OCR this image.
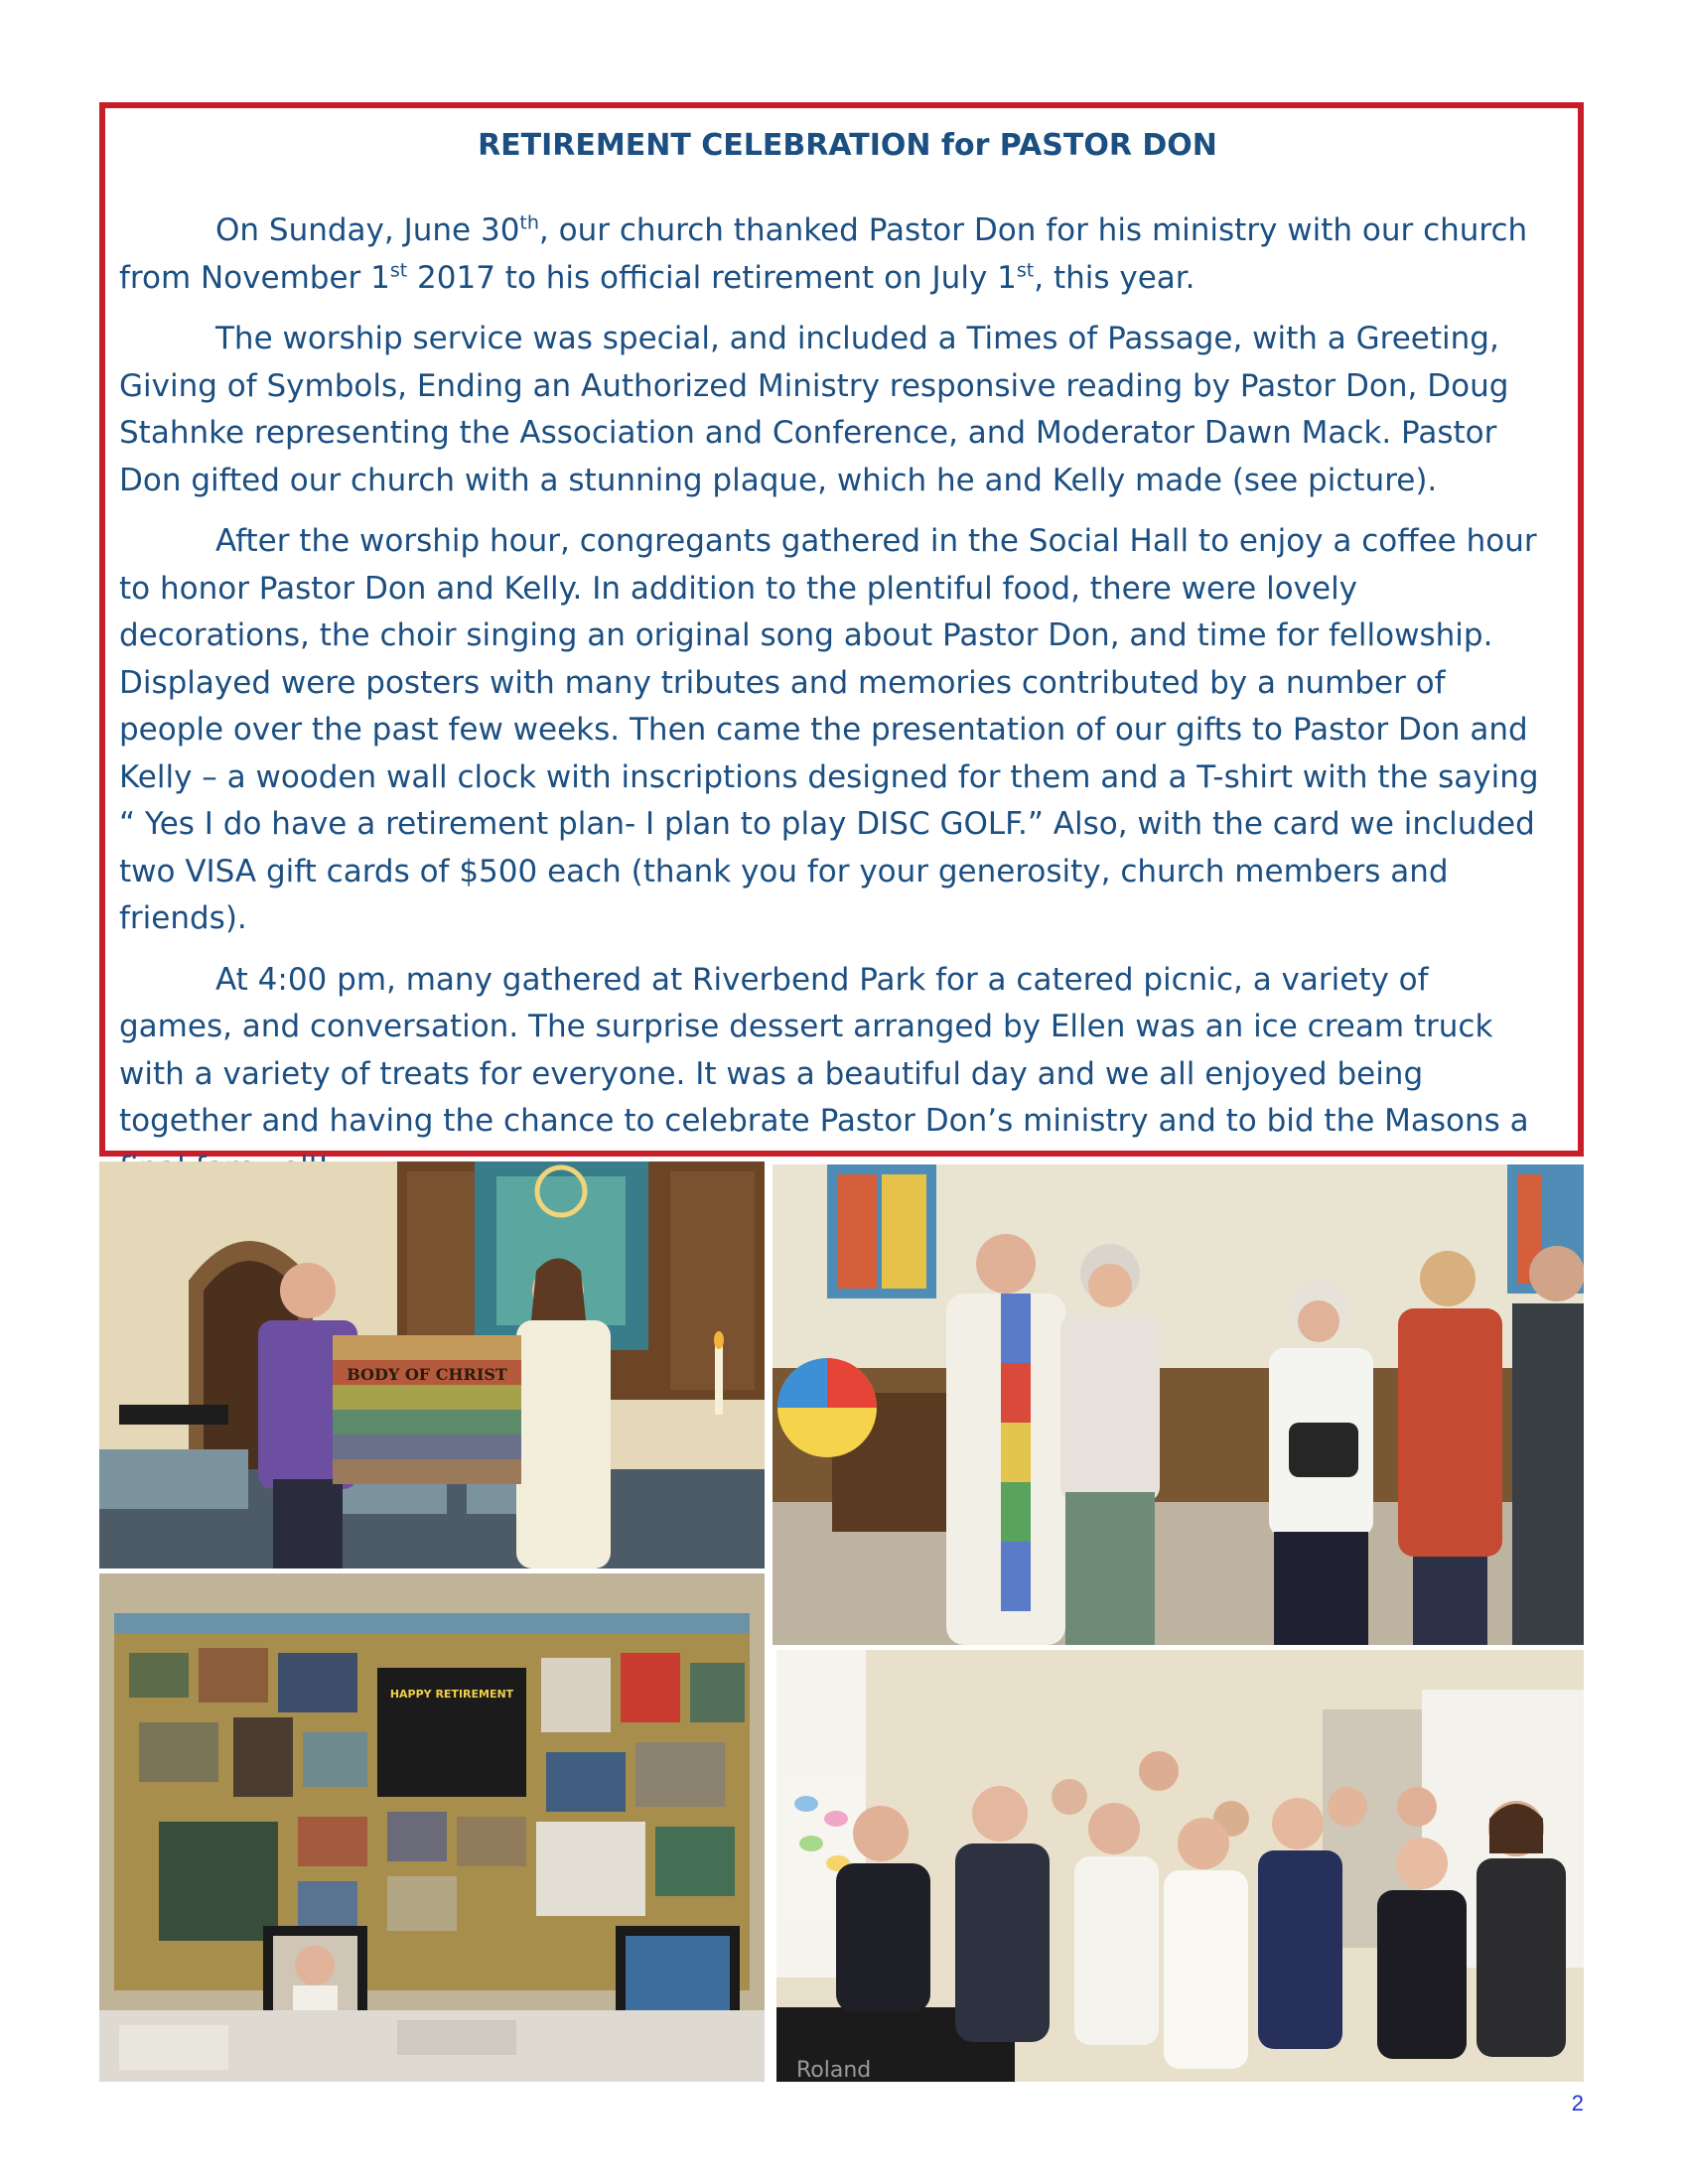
RETIREMENT CELEBRATION for PASTOR DON

On Sunday, June 30th, our church thanked Pastor Don for his ministry with our church from November 1st 2017 to his official retirement on July 1st, this year.

The worship service was special, and included a Times of Passage, with a Greeting, Giving of Symbols, Ending an Authorized Ministry responsive reading by Pastor Don, Doug Stahnke representing the Association and Conference, and Moderator Dawn Mack. Pastor Don gifted our church with a stunning plaque, which he and Kelly made (see picture).

After the worship hour, congregants gathered in the Social Hall to enjoy a coffee hour to honor Pastor Don and Kelly. In addition to the plentiful food, there were lovely decorations, the choir singing an original song about Pastor Don, and time for fellowship. Displayed were posters with many tributes and memories contributed by a number of people over the past few weeks. Then came the presentation of our gifts to Pastor Don and Kelly – a wooden wall clock with inscriptions designed for them and a T-shirt with the saying “ Yes I do have a retirement plan- I plan to play DISC GOLF.” Also, with the card we included two VISA gift cards of $500 each (thank you for your generosity, church members and friends).

At 4:00 pm, many gathered at Riverbend Park for a catered picnic, a variety of games, and conversation. The surprise dessert arranged by Ellen was an ice cream truck with a variety of treats for everyone. It was a beautiful day and we all enjoyed being together and having the chance to celebrate Pastor Don’s ministry and to bid the Masons a

BODY OF CHRIST
HAPPY RETIREMENT
Roland
2
